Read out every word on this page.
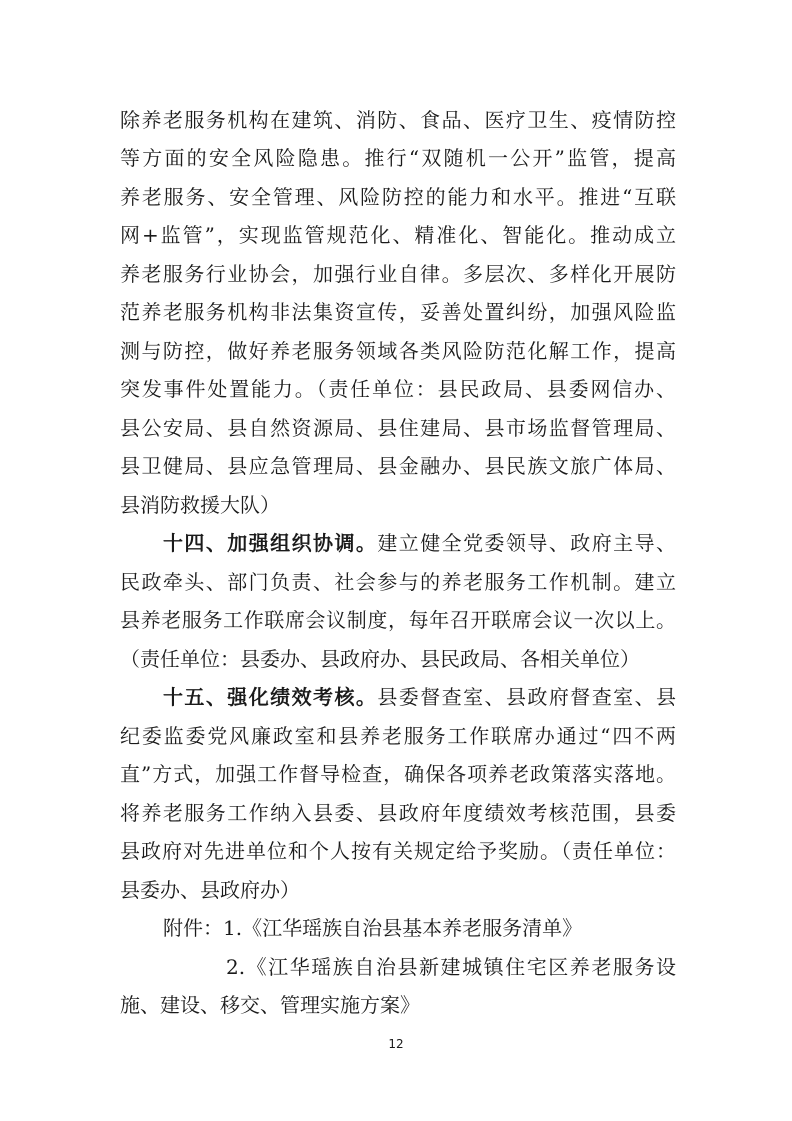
除养老服务机构在建筑、消防、食品、医疗卫生、疫情防控
等方面的安全风险隐患。推行“双随机一公开”监管，提高
养老服务、安全管理、风险防控的能力和水平。推进“互联
网+监管”，实现监管规范化、精准化、智能化。推动成立
养老服务行业协会，加强行业自律。多层次、多样化开展防
范养老服务机构非法集资宣传，妥善处置纠纷，加强风险监
测与防控，做好养老服务领域各类风险防范化解工作，提高
突发事件处置能力。（责任单位：县民政局、县委网信办、
县公安局、县自然资源局、县住建局、县市场监督管理局、
县卫健局、县应急管理局、县金融办、县民族文旅广体局、
县消防救援大队）
十四、加强组织协调。建立健全党委领导、政府主导、
民政牵头、部门负责、社会参与的养老服务工作机制。建立
县养老服务工作联席会议制度，每年召开联席会议一次以上。
（责任单位：县委办、县政府办、县民政局、各相关单位）
十五、强化绩效考核。县委督查室、县政府督查室、县
纪委监委党风廉政室和县养老服务工作联席办通过“四不两
直”方式，加强工作督导检查，确保各项养老政策落实落地。
将养老服务工作纳入县委、县政府年度绩效考核范围，县委
县政府对先进单位和个人按有关规定给予奖励。（责任单位：
县委办、县政府办）
附件：1.《江华瑶族自治县基本养老服务清单》
2.《江华瑶族自治县新建城镇住宅区养老服务设
施、建设、移交、管理实施方案》
12
